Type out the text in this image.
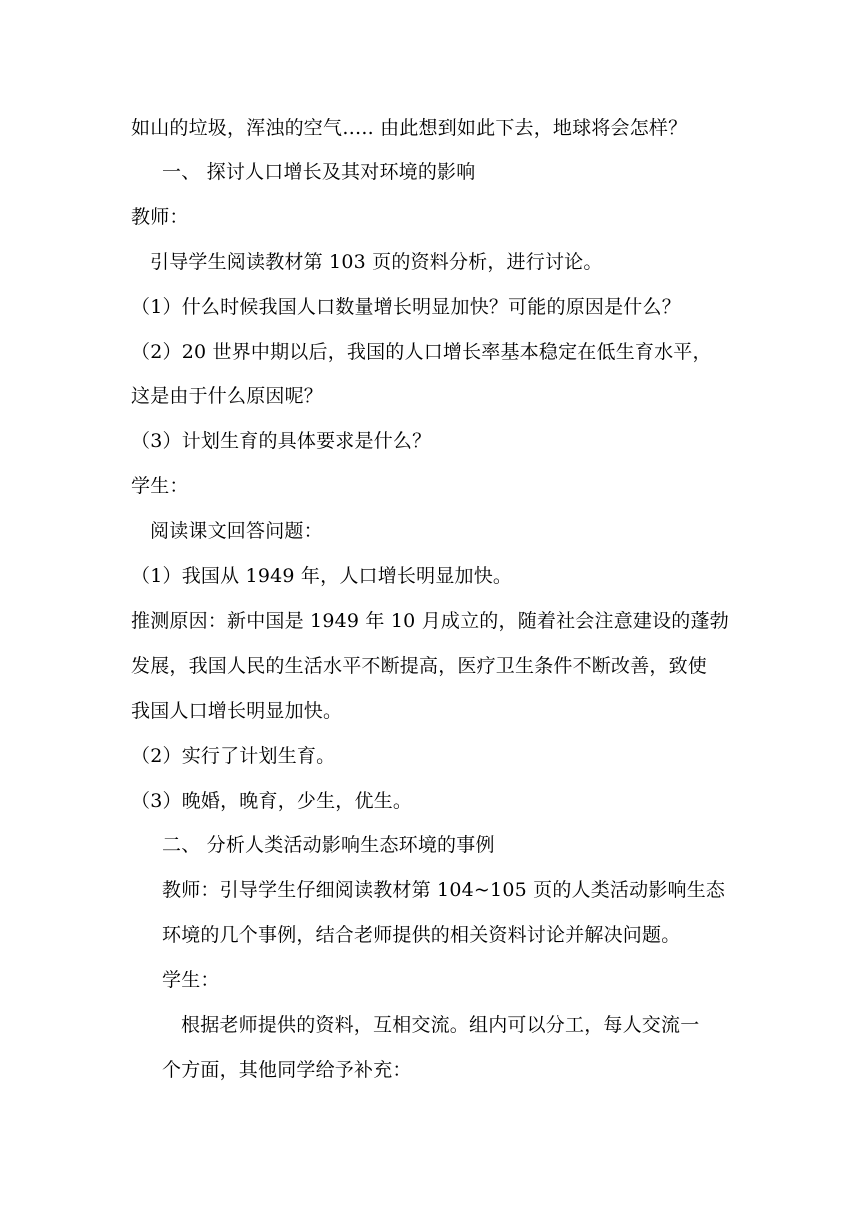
如山的垃圾，浑浊的空气….. 由此想到如此下去，地球将会怎样？
一、 探讨人口增长及其对环境的影响
教师：
引导学生阅读教材第 103 页的资料分析，进行讨论。
（1）什么时候我国人口数量增长明显加快？可能的原因是什么？
（2）20 世界中期以后，我国的人口增长率基本稳定在低生育水平，
这是由于什么原因呢？
（3）计划生育的具体要求是什么？
学生：
阅读课文回答问题：
（1）我国从 1949 年，人口增长明显加快。
推测原因：新中国是 1949 年 10 月成立的，随着社会注意建设的蓬勃
发展，我国人民的生活水平不断提高，医疗卫生条件不断改善，致使
我国人口增长明显加快。
（2）实行了计划生育。
（3）晚婚，晚育，少生，优生。
二、 分析人类活动影响生态环境的事例
教师：引导学生仔细阅读教材第 104~105 页的人类活动影响生态
环境的几个事例，结合老师提供的相关资料讨论并解决问题。
学生：
根据老师提供的资料，互相交流。组内可以分工，每人交流一
个方面，其他同学给予补充：
